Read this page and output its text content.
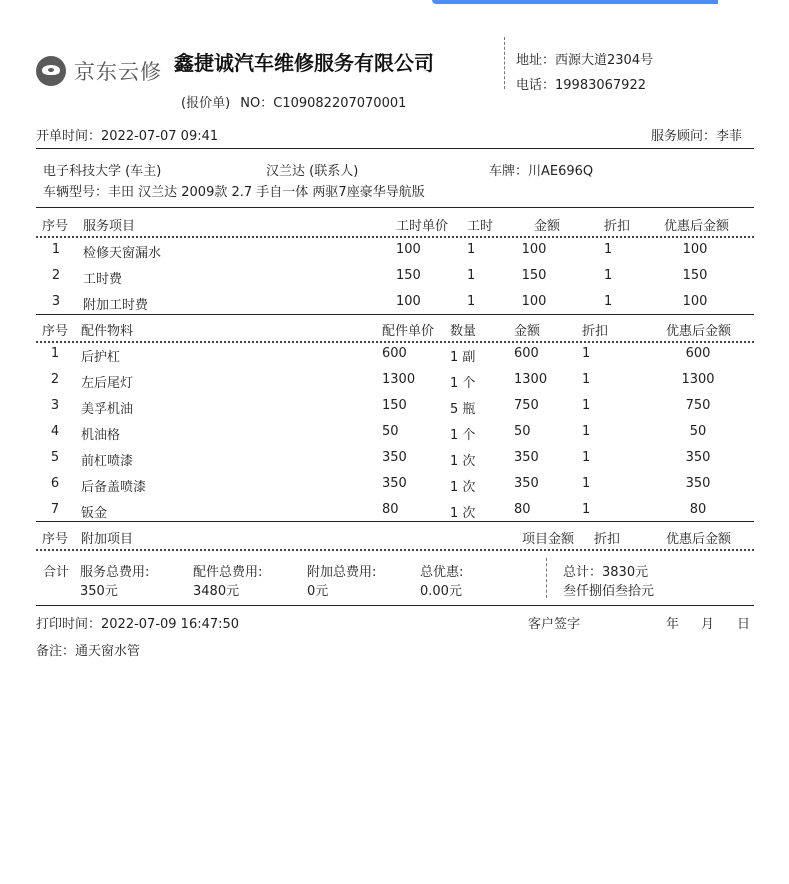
京东云修 鑫捷诚汽车维修服务有限公司
(报价单) NO：C109082207070001
地址：西源大道2304号
电话：19983067922
开单时间：2022-07-07 09:41	服务顾问：李菲
电子科技大学 (车主)	汉兰达 (联系人)	车牌：川AE696Q
车辆型号：丰田 汉兰达 2009款 2.7 手自一体 两驱7座豪华导航版
序号 服务项目	工时单价 工时	金额	折扣	优惠后金额
1	检修天窗漏水	100	1	100	1	100
2	工时费	150	1	150	1	150
3	附加工时费	100	1	100	1	100
序号 配件物料	配件单价 数量	金额	折扣	优惠后金额
1	后护杠	600	1 副	600	1	600
2	左后尾灯	1300	1 个	1300	1	1300
3	美孚机油	150	5 瓶	750	1	750
4	机油格	50	1 个	50	1	50
5	前杠喷漆	350	1 次	350	1	350
6	后备盖喷漆	350	1 次	350	1	350
7	钣金	80	1 次	80	1	80
序号 附加项目	项目金额 折扣	优惠后金额
合计 服务总费用:
350元
配件总费用:
3480元
附加总费用:
0元
总优惠:
0.00元
总计：3830元
叁仟捌佰叁拾元
打印时间：2022-07-09 16:47:50	客户签字	年 月 日
备注：通天窗水管
